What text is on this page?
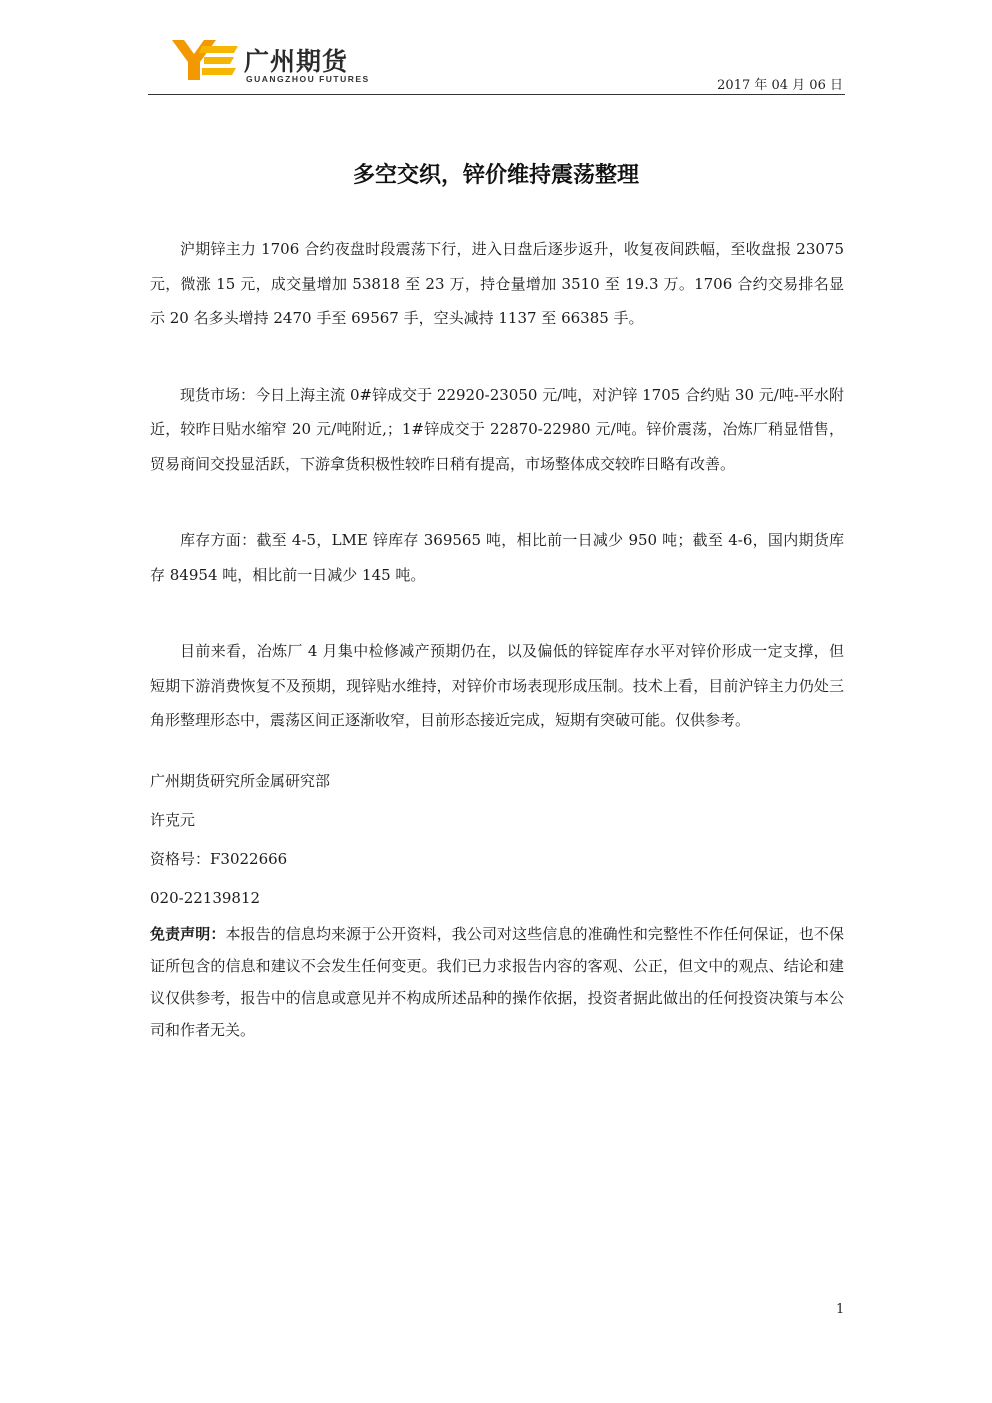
广州期货
GUANGZHOU FUTURES	2017 年 04 月 06 日
多空交织，锌价维持震荡整理

沪期锌主力 1706 合约夜盘时段震荡下行，进入日盘后逐步返升，收复夜间跌幅，至收盘报 23075 元，微涨 15 元，成交量增加 53818 至 23 万，持仓量增加 3510 至 19.3 万。1706 合约交易排名显示 20 名多头增持 2470 手至 69567 手，空头减持 1137 至 66385 手。

现货市场：今日上海主流 0#锌成交于 22920-23050 元/吨，对沪锌 1705 合约贴 30 元/吨-平水附近，较昨日贴水缩窄 20 元/吨附近,；1#锌成交于 22870-22980 元/吨。锌价震荡，冶炼厂稍显惜售，贸易商间交投显活跃，下游拿货积极性较昨日稍有提高，市场整体成交较昨日略有改善。

库存方面：截至 4-5，LME 锌库存 369565 吨，相比前一日减少 950 吨；截至 4-6，国内期货库存 84954 吨，相比前一日减少 145 吨。

目前来看，冶炼厂 4 月集中检修减产预期仍在，以及偏低的锌锭库存水平对锌价形成一定支撑，但短期下游消费恢复不及预期，现锌贴水维持，对锌价市场表现形成压制。技术上看，目前沪锌主力仍处三角形整理形态中，震荡区间正逐渐收窄，目前形态接近完成，短期有突破可能。仅供参考。

广州期货研究所金属研究部

许克元

资格号：F3022666

020-22139812

免责声明：本报告的信息均来源于公开资料，我公司对这些信息的准确性和完整性不作任何保证，也不保证所包含的信息和建议不会发生任何变更。我们已力求报告内容的客观、公正，但文中的观点、结论和建议仅供参考，报告中的信息或意见并不构成所述品种的操作依据，投资者据此做出的任何投资决策与本公司和作者无关。

1
